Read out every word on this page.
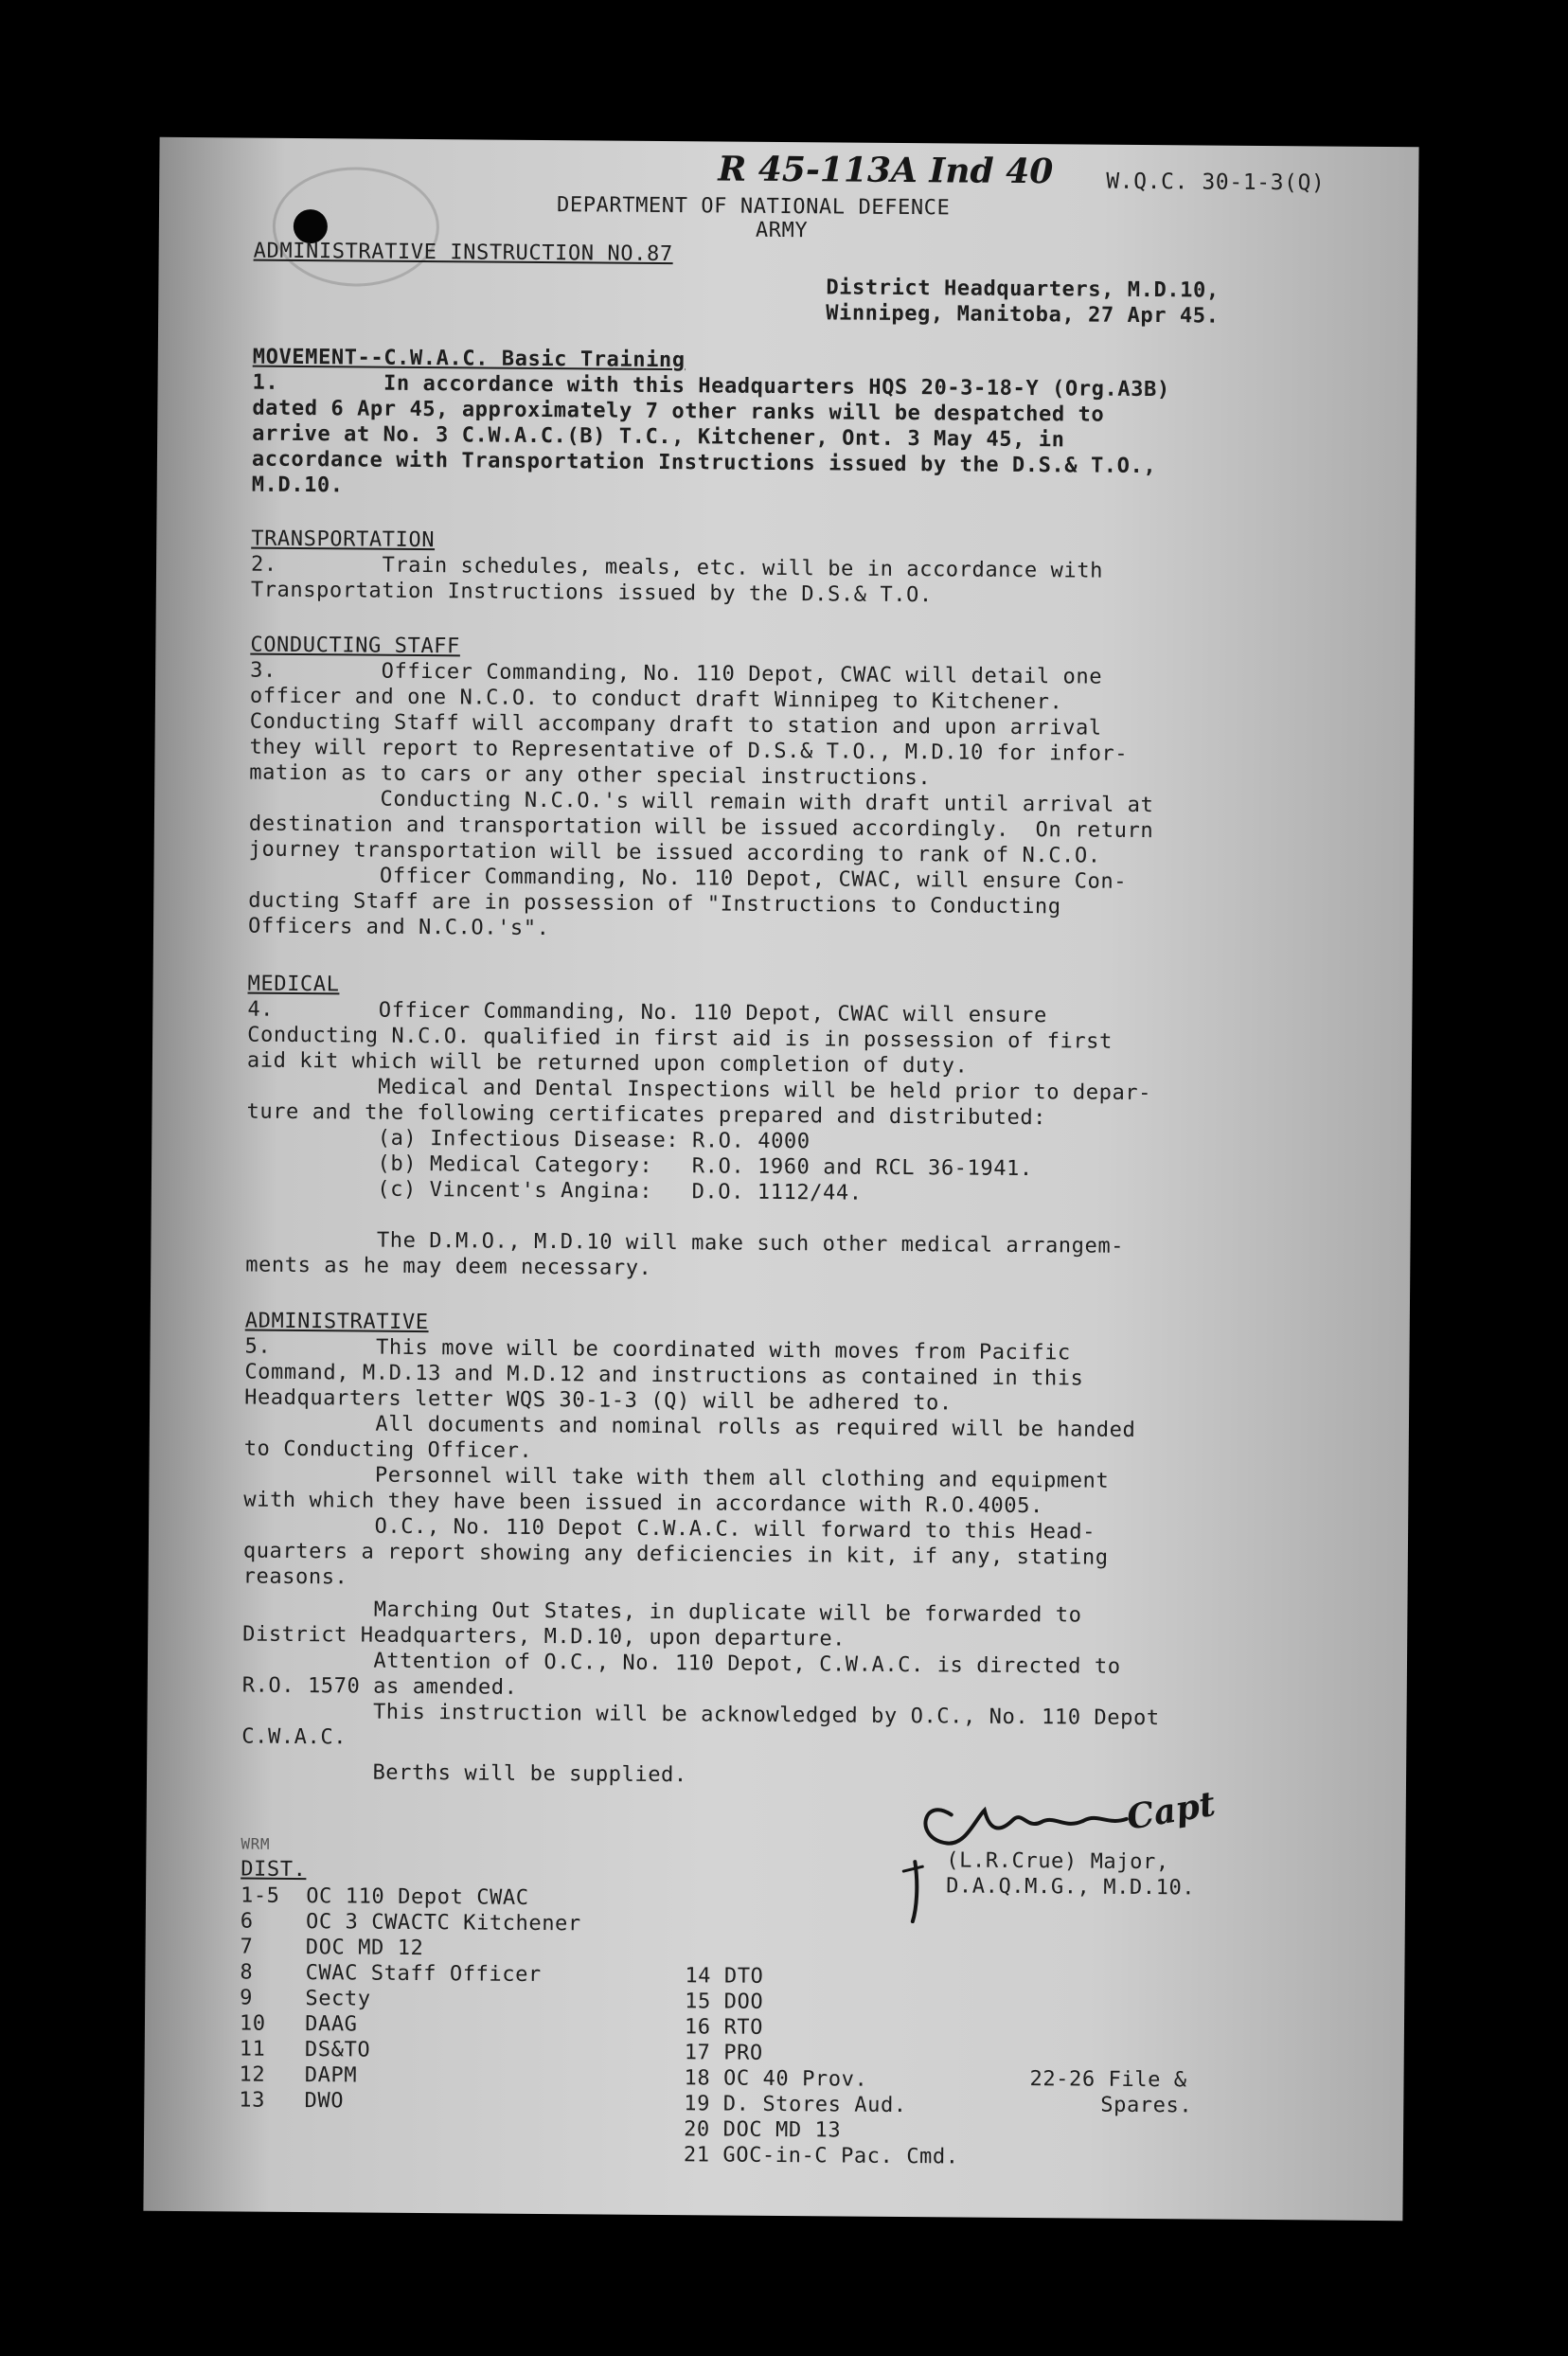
R 45-113A Ind 40 W.Q.C. 30-1-3(Q)
DEPARTMENT OF NATIONAL DEFENCE
ARMY
ADMINISTRATIVE INSTRUCTION NO.87
District Headquarters, M.D.10,
Winnipeg, Manitoba, 27 Apr 45.
MOVEMENT--C.W.A.C. Basic Training
1.        In accordance with this Headquarters HQS 20-3-18-Y (Org.A3B)
dated 6 Apr 45, approximately 7 other ranks will be despatched to
arrive at No. 3 C.W.A.C.(B) T.C., Kitchener, Ont. 3 May 45, in
accordance with Transportation Instructions issued by the D.S.& T.O.,
M.D.10.
TRANSPORTATION
2.        Train schedules, meals, etc. will be in accordance with
Transportation Instructions issued by the D.S.& T.O.
CONDUCTING STAFF
3.        Officer Commanding, No. 110 Depot, CWAC will detail one
officer and one N.C.O. to conduct draft Winnipeg to Kitchener.
Conducting Staff will accompany draft to station and upon arrival
they will report to Representative of D.S.& T.O., M.D.10 for infor-
mation as to cars or any other special instructions.
Conducting N.C.O.'s will remain with draft until arrival at
destination and transportation will be issued accordingly.  On return
journey transportation will be issued according to rank of N.C.O.
Officer Commanding, No. 110 Depot, CWAC, will ensure Con-
ducting Staff are in possession of "Instructions to Conducting
Officers and N.C.O.'s".
MEDICAL
4.        Officer Commanding, No. 110 Depot, CWAC will ensure
Conducting N.C.O. qualified in first aid is in possession of first
aid kit which will be returned upon completion of duty.
Medical and Dental Inspections will be held prior to depar-
ture and the following certificates prepared and distributed:
(a) Infectious Disease: R.O. 4000
(b) Medical Category:   R.O. 1960 and RCL 36-1941.
(c) Vincent's Angina:   D.O. 1112/44.
The D.M.O., M.D.10 will make such other medical arrangem-
ments as he may deem necessary.
ADMINISTRATIVE
5.        This move will be coordinated with moves from Pacific
Command, M.D.13 and M.D.12 and instructions as contained in this
Headquarters letter WQS 30-1-3 (Q) will be adhered to.
All documents and nominal rolls as required will be handed
to Conducting Officer.
Personnel will take with them all clothing and equipment
with which they have been issued in accordance with R.O.4005.
O.C., No. 110 Depot C.W.A.C. will forward to this Head-
quarters a report showing any deficiencies in kit, if any, stating
reasons.
Marching Out States, in duplicate will be forwarded to
District Headquarters, M.D.10, upon departure.
Attention of O.C., No. 110 Depot, C.W.A.C. is directed to
R.O. 1570 as amended.
This instruction will be acknowledged by O.C., No. 110 Depot
C.W.A.C.
Berths will be supplied.
Capt
(L.R.Crue) Major,
D.A.Q.M.G., M.D.10.
WRM
DIST.
1-5  OC 110 Depot CWAC
6    OC 3 CWACTC Kitchener
7    DOC MD 12
8    CWAC Staff Officer
9    Secty
10   DAAG
11   DS&TO
12   DAPM
13   DWO
14 DTO
15 DOO
16 RTO
17 PRO
18 OC 40 Prov.
19 D. Stores Aud.
20 DOC MD 13
21 GOC-in-C Pac. Cmd.
22-26 File &
Spares.
